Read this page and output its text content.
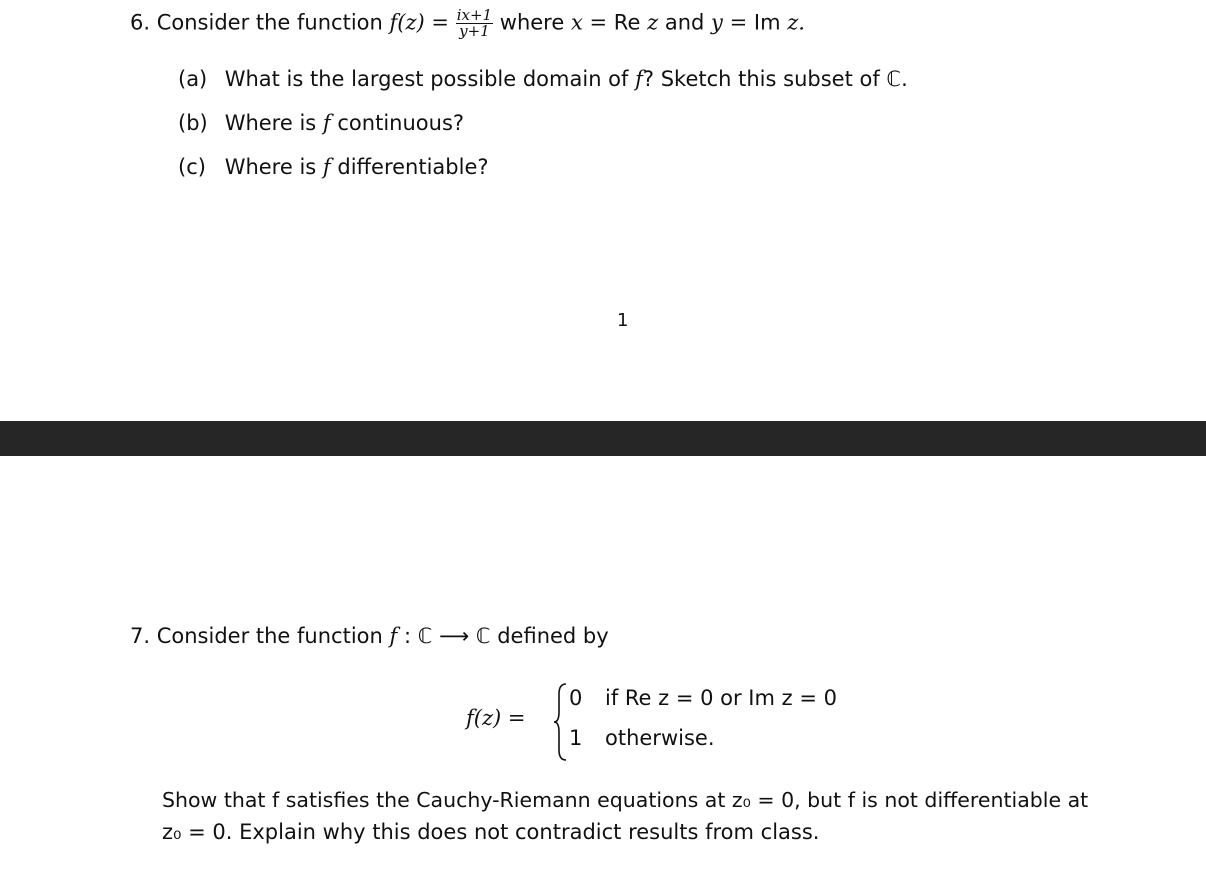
6. Consider the function $f(z) = \frac{ix+1}{y+1}$ where x = Re z and y = Im z.
(a) What is the largest possible domain of f? Sketch this subset of ℂ.
(b) Where is f continuous?
(c) Where is f differentiable?
1
7. Consider the function f : ℂ ⟶ ℂ defined by
f(z) =
0 if Re z = 0 or Im z = 0
1 otherwise.
Show that f satisfies the Cauchy-Riemann equations at z₀ = 0, but f is not differentiable at
z₀ = 0. Explain why this does not contradict results from class.
